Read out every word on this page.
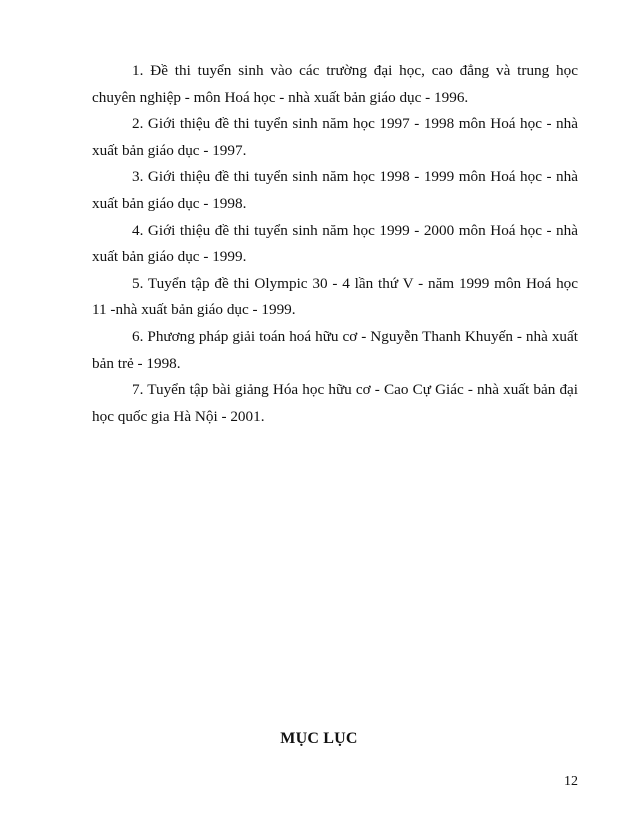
1. Đề thi tuyển sinh vào các trường đại học, cao đẳng và trung học chuyên nghiệp - môn Hoá học - nhà xuất bản giáo dục - 1996.
2. Giới thiệu đề thi tuyển sinh năm học 1997 - 1998 môn Hoá học - nhà xuất bản giáo dục - 1997.
3. Giới thiệu đề thi tuyển sinh năm học 1998 - 1999 môn Hoá học - nhà xuất bản giáo dục - 1998.
4. Giới thiệu đề thi tuyển sinh năm học 1999 - 2000 môn Hoá học - nhà xuất bản giáo dục - 1999.
5. Tuyển tập đề thi Olympic 30 - 4 lần thứ V - năm 1999 môn Hoá học 11 -nhà xuất bản giáo dục - 1999.
6. Phương pháp giải toán hoá hữu cơ - Nguyễn Thanh Khuyến - nhà xuất bản trẻ - 1998.
7. Tuyển tập bài giảng Hóa học hữu cơ - Cao Cự Giác - nhà xuất bản đại học quốc gia Hà Nội - 2001.
MỤC LỤC

12
